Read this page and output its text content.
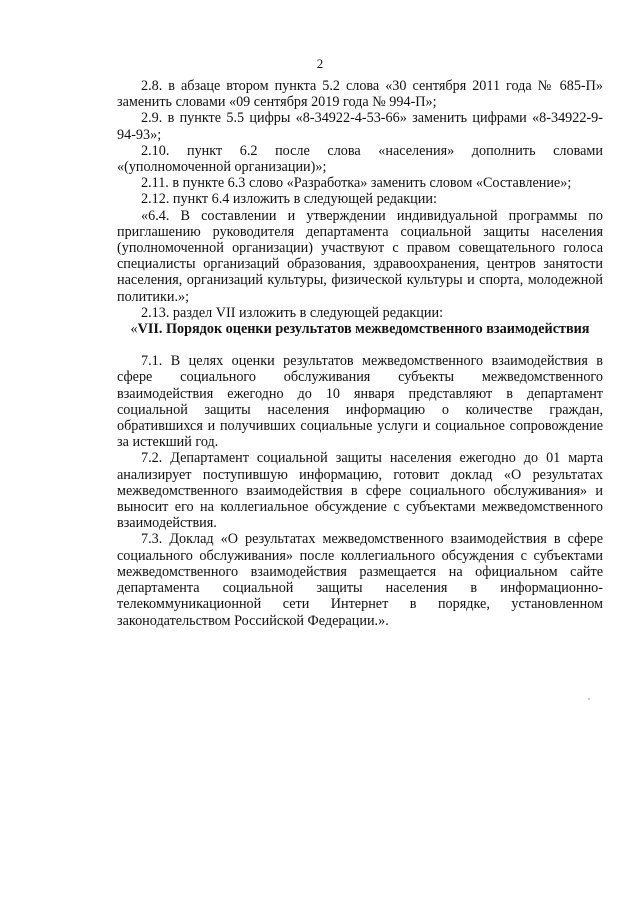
2

2.8. в абзаце втором пункта 5.2 слова «30 сентября 2011 года № 685-П» заменить словами «09 сентября 2019 года № 994-П»;

2.9. в пункте 5.5 цифры «8-34922-4-53-66» заменить цифрами «8-34922-9-94-93»;

2.10. пункт 6.2 после слова «населения» дополнить словами «(уполномоченной организации)»;

2.11. в пункте 6.3 слово «Разработка» заменить словом «Составление»;

2.12. пункт 6.4 изложить в следующей редакции:

«6.4. В составлении и утверждении индивидуальной программы по приглашению руководителя департамента социальной защиты населения (уполномоченной организации) участвуют с правом совещательного голоса специалисты организаций образования, здравоохранения, центров занятости населения, организаций культуры, физической культуры и спорта, молодежной политики.»;

2.13. раздел VII изложить в следующей редакции:

«VII. Порядок оценки результатов межведомственного взаимодействия

7.1. В целях оценки результатов межведомственного взаимодействия в сфере социального обслуживания субъекты межведомственного взаимодействия ежегодно до 10 января представляют в департамент социальной защиты населения информацию о количестве граждан, обратившихся и получивших социальные услуги и социальное сопровождение за истекший год.

7.2. Департамент социальной защиты населения ежегодно до 01 марта анализирует поступившую информацию, готовит доклад «О результатах межведомственного взаимодействия в сфере социального обслуживания» и выносит его на коллегиальное обсуждение с субъектами межведомственного взаимодействия.

7.3. Доклад «О результатах межведомственного взаимодействия в сфере социального обслуживания» после коллегиального обсуждения с субъектами межведомственного взаимодействия размещается на официальном сайте департамента социальной защиты населения в информационно-телекоммуникационной сети Интернет в порядке, установленном законодательством Российской Федерации.».
